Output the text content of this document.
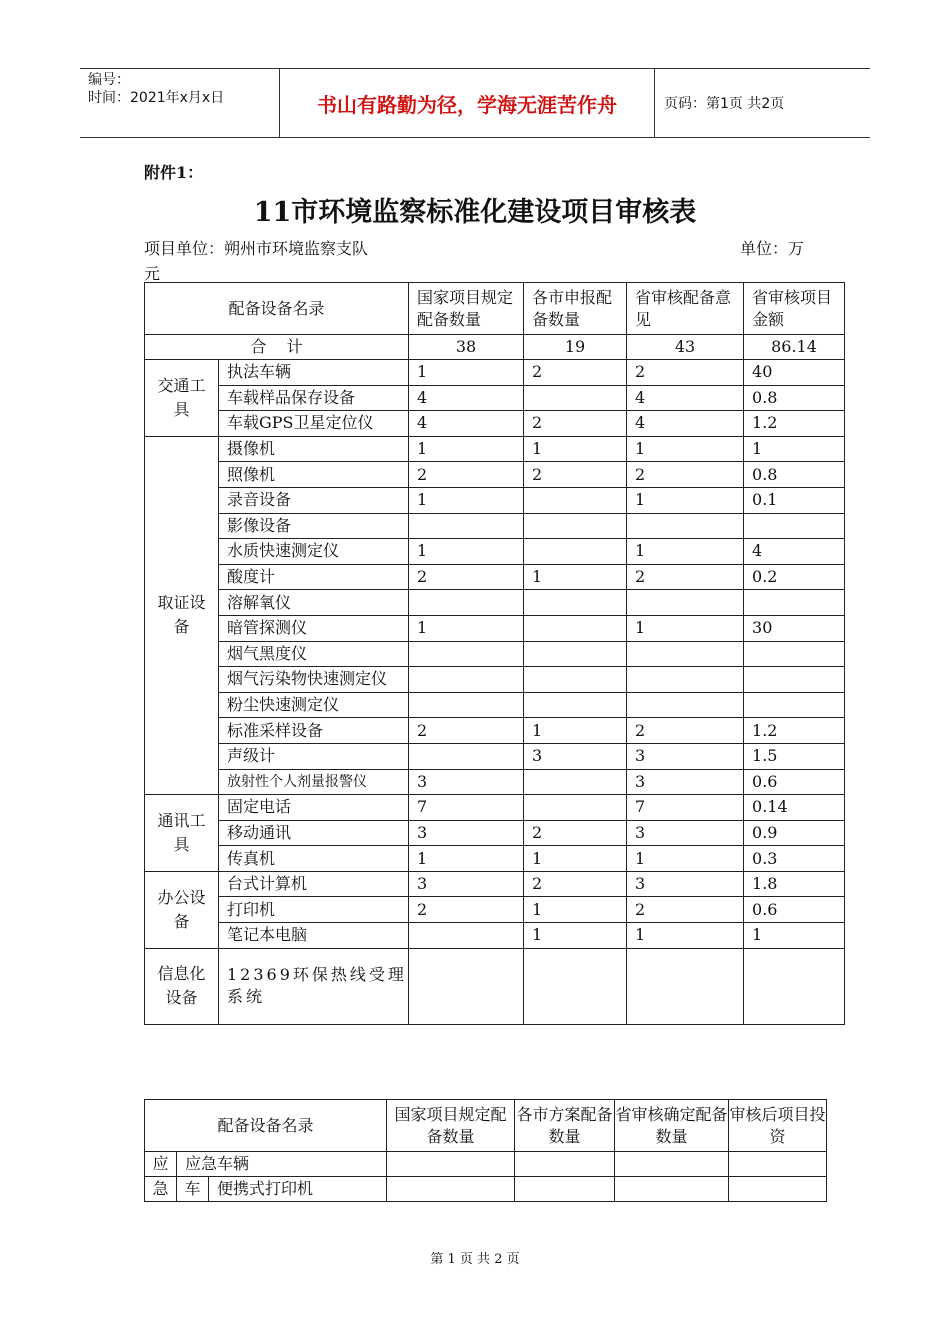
编号：
时间：2021年x月x日	书山有路勤为径，学海无涯苦作舟	页码：第1页 共2页
附件1：
11市环境监察标准化建设项目审核表
项目单位：朔州市环境监察支队	单位：万
元
配备设备名录		国家项目规定配备数量	各市申报配备数量	省审核配备意见	省审核项目金额
合    计		38	19	43	86.14
交通工具	执法车辆	1	2	2	40
	车载样品保存设备	4		4	0.8
	车载GPS卫星定位仪	4	2	4	1.2
取证设备	摄像机	1	1	1	1
	照像机	2	2	2	0.8
	录音设备	1		1	0.1
	影像设备				
	水质快速测定仪	1		1	4
	酸度计	2	1	2	0.2
	溶解氧仪				
	暗管探测仪	1		1	30
	烟气黑度仪				
	烟气污染物快速测定仪				
	粉尘快速测定仪				
	标准采样设备	2	1	2	1.2
	声级计		3	3	1.5
	放射性个人剂量报警仪	3		3	0.6
通讯工具	固定电话	7		7	0.14
	移动通讯	3	2	3	0.9
	传真机	1	1	1	0.3
办公设备	台式计算机	3	2	3	1.8
	打印机	2	1	2	0.6
	笔记本电脑		1	1	1
信息化设备	12369环保热线受理系统				
配备设备名录			国家项目规定配备数量	各市方案配备数量	省审核确定配备数量	审核后项目投资
应	应急车辆					
急	车	便携式打印机				
第 1 页 共 2 页
